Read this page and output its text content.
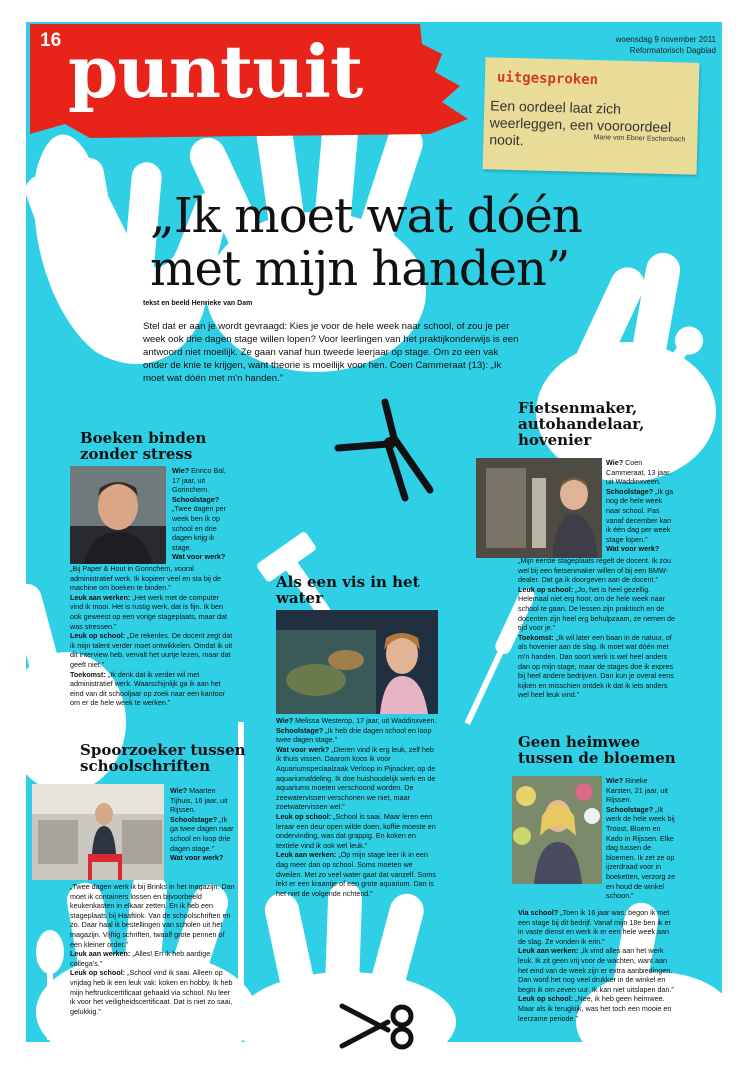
16 puntuit	woensdag 9 november 2011
Reformatorisch Dagblad
uitgesproken
Een oordeel laat zich weerleggen, een vooroordeel nooit.	Marie von Ebner Eschenbach
„Ik moet wat dóén
met mijn handen”
tekst en beeld Henrieke van Dam
Stel dat er aan je wordt gevraagd: Kies je voor de hele week naar school, of zou je per week ook drie dagen stage willen lopen? Voor leerlingen van het praktijkonderwijs is een antwoord niet moeilijk. Ze gaan vanaf hun tweede leerjaar op stage. Om zo een vak onder de knie te krijgen, want theorie is moeilijk voor hen. Coen Cammeraat (13): „Ik moet wat dóén met m'n handen.”
Boeken binden zonder stress
Wie? Enrico Bal, 17 jaar, uit Gorinchem.
Schoolstage? „Twee dagen per week ben ik op school en drie dagen krijg ik stage.
Wat voor werk?
„Bij Paper & Hout in Gorinchem, vooral administratief werk. Ik kopieer veel en sta bij de machine om boeken te binden.”
Leuk aan werken: „Het werk met de computer vind ik mooi. Het is rustig werk, dat is fijn. Ik ben ook geweest op een vorige stageplaats, maar dat was stressen.”
Leuk op school: „De rekenles. De docent zegt dat ik mijn talent verder moet ontwikkelen. Omdat ik uit dit interview heb, vervalt het uurtje lezen, maar dat geeft niet.”
Toekomst: „Ik denk dat ik verder wil met administratief werk. Waarschijnlijk ga ik aan het eind van dit schooljaar op zoek naar een kantoor om er de hele week te werken.”
Fietsenmaker, autohandelaar, hovenier
Wie? Coen Cammeraat, 13 jaar, uit Waddinxveen.
Schoolstage? „Ik ga nog de hele week naar school. Pas vanaf december kan ik één dag per week stage lopen.”
Wat voor werk?
„Mijn eerste stageplaats regelt de docent. Ik zou wel bij een fietsenmaker willen of bij een BMW-dealer. Dat ga ik doorgeven aan de docent.”
Leuk op school: „Jo, het is heel gezellig. Helemaal niet erg hoor, om de hele week naar school te gaan. De lessen zijn praktisch en de docenten zijn heel erg behulpzaam, ze nemen de tijd voor je.”
Toekomst: „Ik wil later een baan in de natuur, of als hovenier aan de slag. Ik moet wat dóén met m'n handen. Dan soort werk is wel heel anders dan op mijn stage, maar de stages doe ik expres bij heel andere bedrijven. Dan kun je overal eens kijken en misschien ontdek ik dat ik iets anders wel heel leuk vind.”
Als een vis in het water
Wie? Melissa Westerop, 17 jaar, uit Waddinxveen.
Schoolstage? „Ik heb drie dagen school en loop twee dagen stage.”
Wat voor werk? „Dieren vind ik erg leuk, zelf heb ik thuis vissen. Daarom koos ik voor Aquariumspeciaalzaak Verloop in Pijnacker, op de aquariumafdeling. Ik doe huishoudelijk werk en de aquariums moeten verschoond worden. De zeewatervissen verschonen we niet, maar zoetwatervissen wel.”
Leuk op school: „School is saai. Maar leren een leraar een deur open wilde doen, koffie moeste en ondervinding, was dat grappig. En koken en textiele vind ik ook wel leuk.”
Leuk aan werken: „Op mijn stage leer ik in een dag meer dan op school. Soms moeten we dweilen. Met zo veel water gaat dat vanzelf. Soms lekt er een kraantje of een grote aquarium. Dan is het niet de volgende richtend.”
Spoorzoeker tussen schoolschriften
Wie? Maarten Tijhuis, 16 jaar, uit Rijssen.
Schoolstage? „Ik ga twee dagen naar school en loop drie dagen stage.”
Wat voor werk?
„Twee dagen werk ik bij Brinks in het magazijn. Dan moet ik containers lossen en bijvoorbeeld keukenkasten in elkaar zetten. En ik heb een stageplaats bij Haaftink. Van de schoolschriften en zo. Daar haal ik bestellingen van scholen uit het magazijn. Vijftig schriften, twaalf grote pennen of een kleiner order.”
Leuk aan werken: „Alles! En ik heb aardige collega's.”
Leuk op school: „School vind ik saai. Alleen op vrijdag heb ik een leuk vak: koken en hobby. Ik heb mijn heftruckcertificaat gehaald via school. Nu leer ik voor het veiligheidscertificaat. Dat is niet zo saai, gelukkig.”
Geen heimwee tussen de bloemen
Wie? Rineke Karsten, 21 jaar, uit Rijssen.
Schoolstage? „Ik werk de hele week bij Troost, Bloem en Kado in Rijssen. Elke dag tussen de bloemen. Ik zet ze op ijzerdraad voor in boeketten, verzorg ze en houd de winkel schoon.”
Via school? „Toen ik 16 jaar was, begon ik met een stage bij dit bedrijf. Vanaf mijn 18e ben ik er in vaste dienst en werk ik er een hele week aan de slag. Ze vonden ik erin.”
Leuk aan werken: „Ik vind alles aan het werk leuk. Ik zit geen vrij voor de wachten, want aan het eind van de week zijn er extra aanbiedingen. Dan word het nog veel drukker in de winkel en begin ik om zeven uur. Ik kan niet uitslapen dan.”
Leuk op school: „Nee, ik heb geen heimwee. Maar als ik terugkijk, was het toch een mooie en leerzame periode.”
